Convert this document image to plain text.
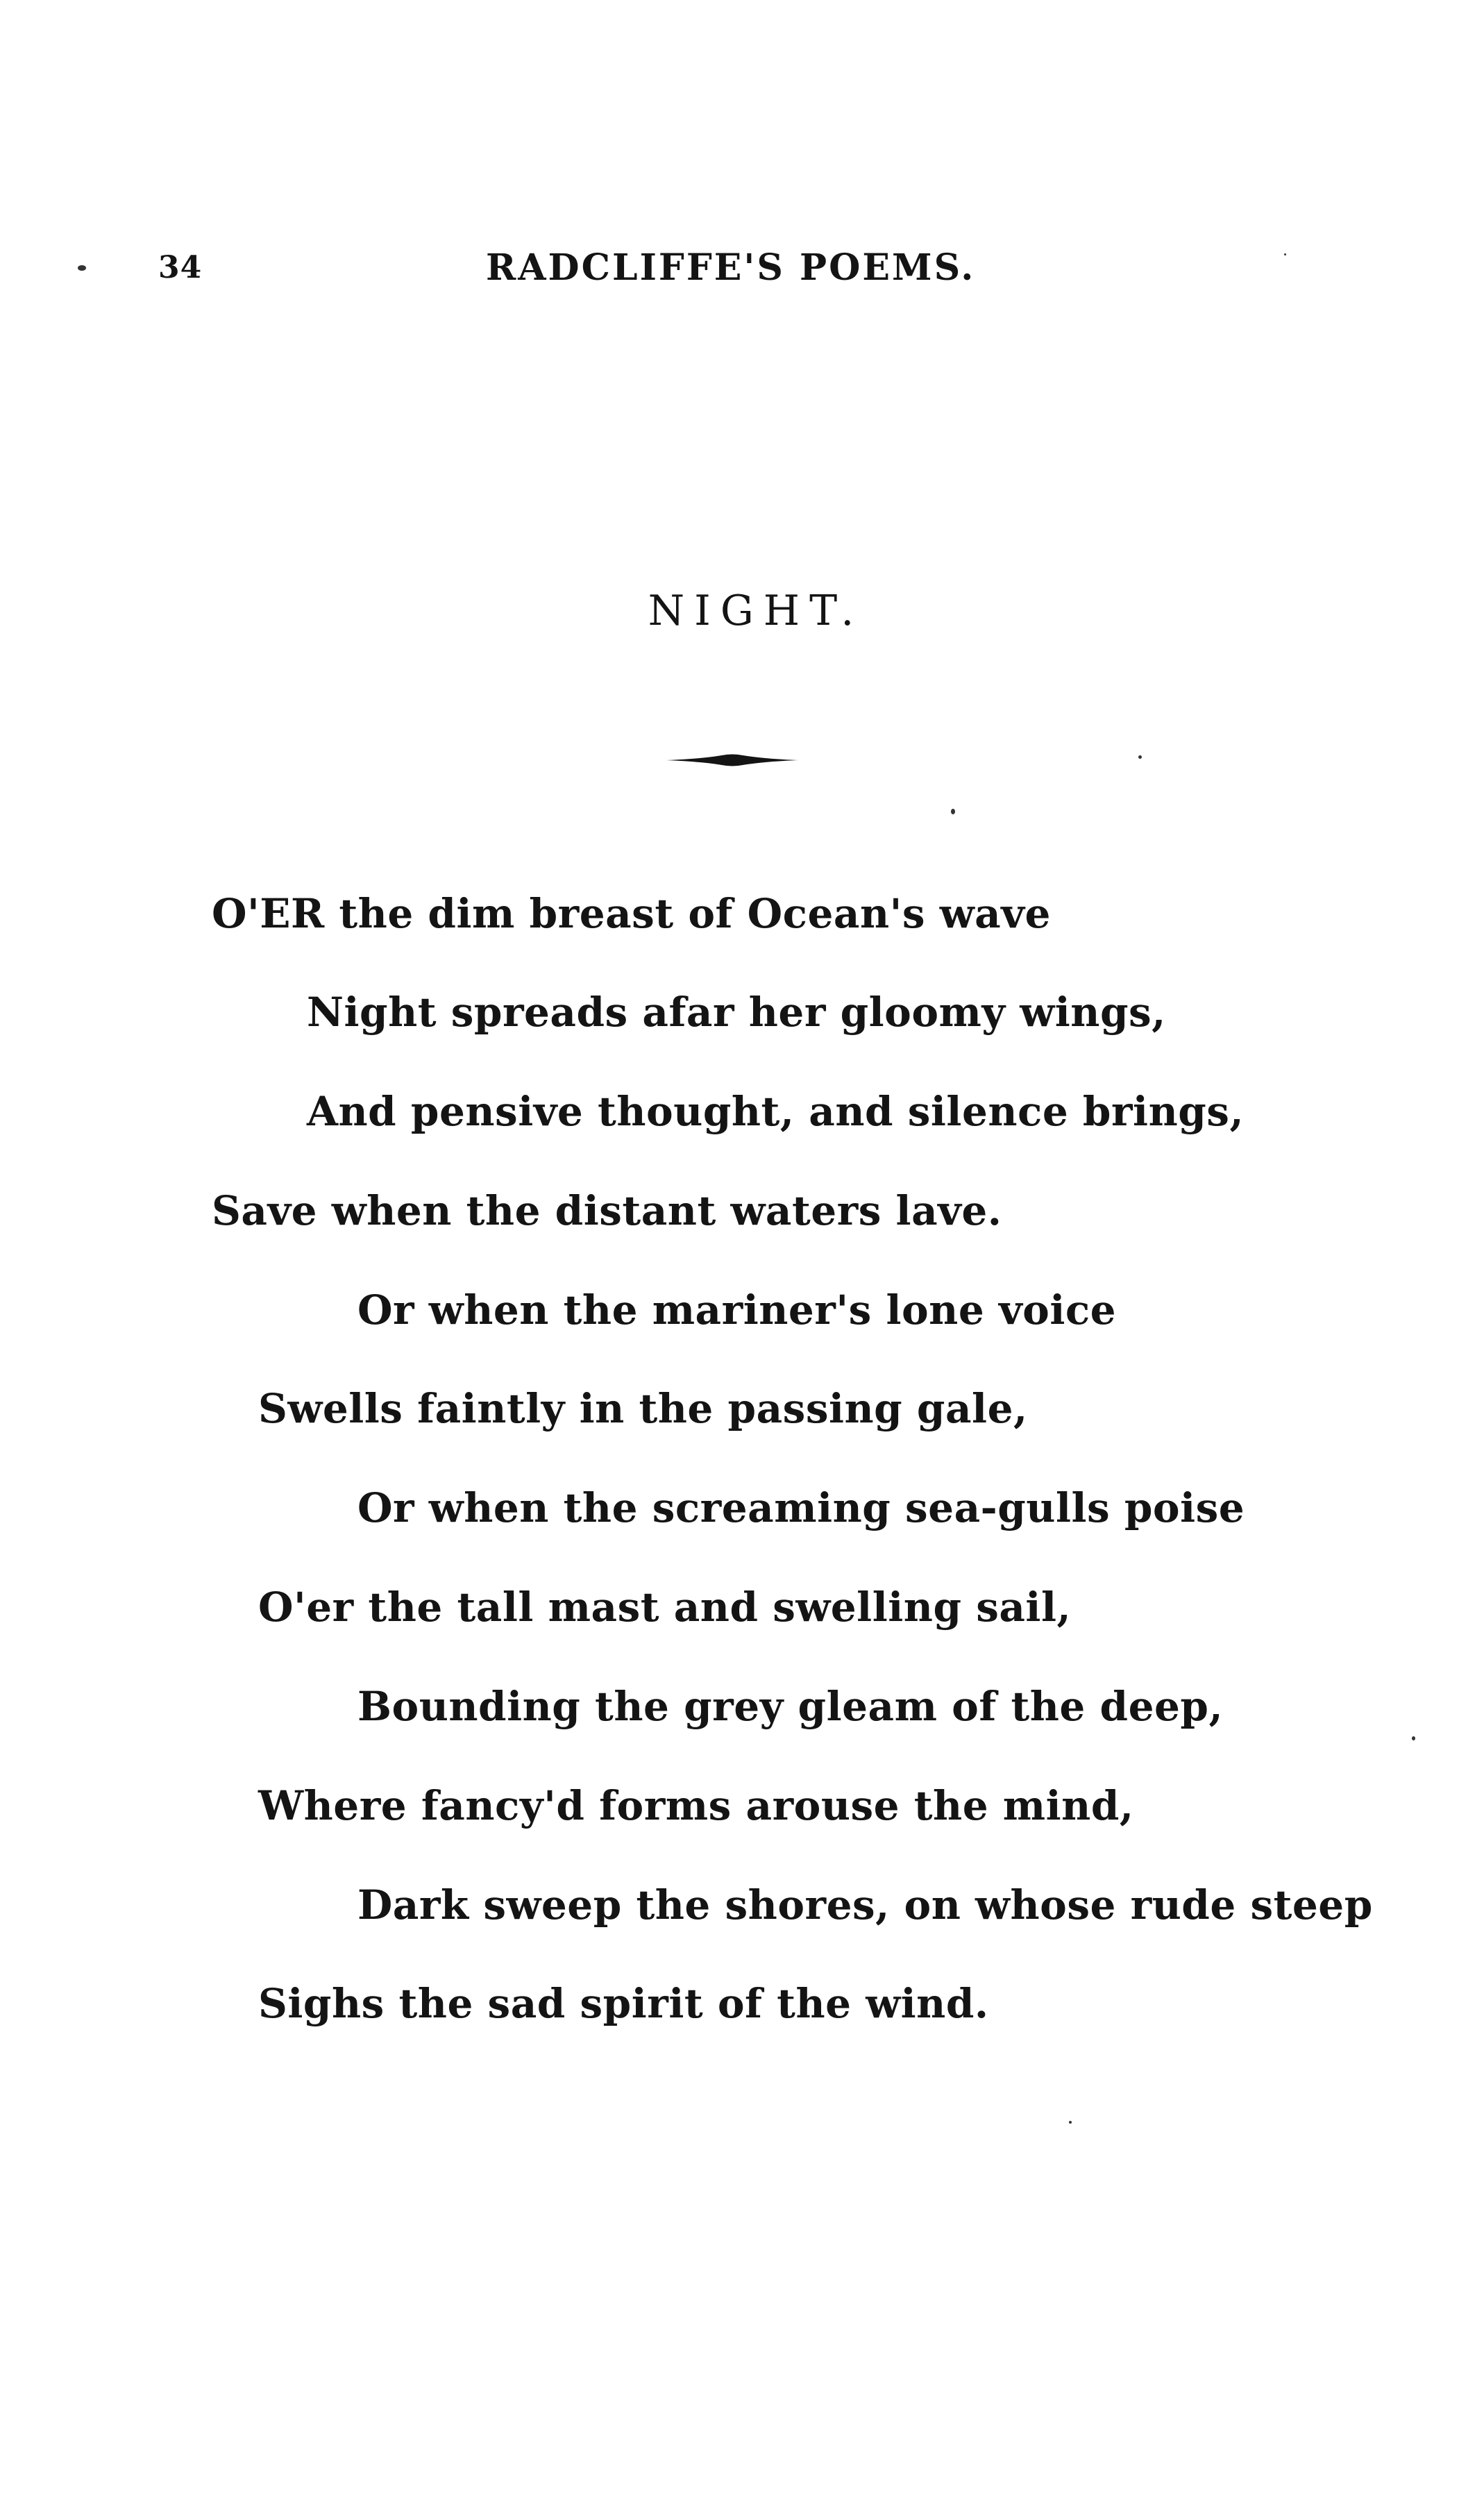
34	RADCLIFFE'S POEMS.
NIGHT.
O'ER the dim breast of Ocean's wave
Night spreads afar her gloomy wings,
And pensive thought, and silence brings,
Save when the distant waters lave.
Or when the mariner's lone voice
Swells faintly in the passing gale,
Or when the screaming sea-gulls poise
O'er the tall mast and swelling sail,
Bounding the grey gleam of the deep,
Where fancy'd forms arouse the mind,
Dark sweep the shores, on whose rude steep
Sighs the sad spirit of the wind.
